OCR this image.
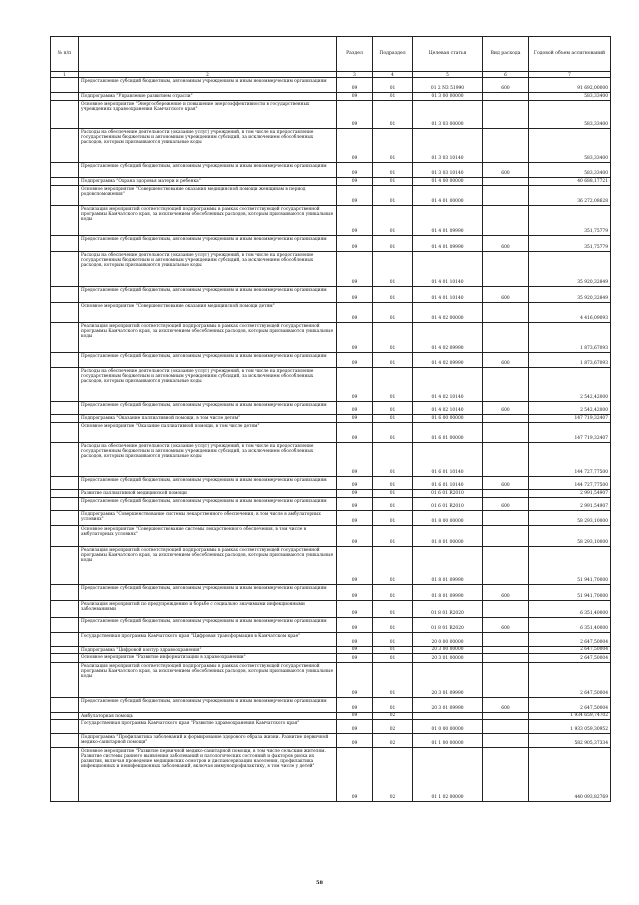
№ п/п		Раздел	Подраздел	Целевая статья	Вид расхода	Годовой объем ассигнований
1	2	3	4	5	6	7
	Предоставление субсидий бюджетным, автономным учреждениям и иным некоммерческим организациям	09	01	01 2 N3 51990	600	91 692,00000
	Подпрограмма "Управление развитием отрасли"	09	01	01 3 00 00000		583,33400
	Основное мероприятие "Энергосбережение и повышение энергоэффективности в государственных учреждениях здравоохранения Камчатского края"	09	01	01 3 03 00000		583,33400
	Расходы на обеспечение деятельности (оказание услуг) учреждений, в том числе на предоставление государственным бюджетным и автономным учреждениям субсидий, за исключением обособленных расходов, которым присваиваются уникальные коды	09	01	01 3 03 10140		583,33400
	Предоставление субсидий бюджетным, автономным учреждениям и иным некоммерческим организациям	09	01	01 3 03 10140	600	583,33400
	Подпрограмма "Охрана здоровья матери и ребенка"	09	01	01 4 00 00000		40 688,17721
	Основное мероприятие "Совершенствование оказания медицинской помощи женщинам в период родовспоможения"	09	01	01 4 01 00000		36 272,08628
	Реализация мероприятий соответствующей подпрограммы в рамках соответствующей государственной программы Камчатского края, за исключением обособленных расходов, которым присваиваются уникальные коды	09	01	01 4 01 09990		351,75779
	Предоставление субсидий бюджетным, автономным учреждениям и иным некоммерческим организациям	09	01	01 4 01 09990	600	351,75779
	Расходы на обеспечение деятельности (оказание услуг) учреждений, в том числе на предоставление государственным бюджетным и автономным учреждениям субсидий, за исключением обособленных расходов, которым присваиваются уникальные коды	09	01	01 4 01 10140		35 920,32849
	Предоставление субсидий бюджетным, автономным учреждениям и иным некоммерческим организациям	09	01	01 4 01 10140	600	35 920,32849
	Основное мероприятие "Совершенствование оказания медицинской помощи детям"	09	01	01 4 02 00000		4 416,09093
	Реализация мероприятий соответствующей подпрограммы в рамках соответствующей государственной программы Камчатского края, за исключением обособленных расходов, которым присваиваются уникальные коды	09	01	01 4 02 09990		1 873,67093
	Предоставление субсидий бюджетным, автономным учреждениям и иным некоммерческим организациям	09	01	01 4 02 09990	600	1 873,67093
	Расходы на обеспечение деятельности (оказание услуг) учреждений, в том числе на предоставление государственным бюджетным и автономным учреждениям субсидий, за исключением обособленных расходов, которым присваиваются уникальные коды	09	01	01 4 02 10140		2 542,42000
	Предоставление субсидий бюджетным, автономным учреждениям и иным некоммерческим организациям	09	01	01 4 02 10140	600	2 542,42000
	Подпрограмма "Оказание паллиативной помощи, в том числе детям"	09	01	01 6 00 00000		147 719,32407
	Основное мероприятие "Оказание паллиативной помощи, в том числе детям"	09	01	01 6 01 00000		147 719,32407
	Расходы на обеспечение деятельности (оказание услуг) учреждений, в том числе на предоставление государственным бюджетным и автономным учреждениям субсидий, за исключением обособленных расходов, которым присваиваются уникальные коды	09	01	01 6 01 10140		144 727,77500
	Предоставление субсидий бюджетным, автономным учреждениям и иным некоммерческим организациям	09	01	01 6 01 10140	600	144 727,77500
	Развитие паллиативной медицинской помощи	09	01	01 6 01 R2010		2 991,54907
	Предоставление субсидий бюджетным, автономным учреждениям и иным некоммерческим организациям	09	01	01 6 01 R2010	600	2 991,54907
	Подпрограмма "Совершенствование системы лекарственного обеспечения, в том числе в амбулаторных условиях"	09	01	01 8 00 00000		58 293,10000
	Основное мероприятие "Совершенствование системы лекарственного обеспечения, в том числе в амбулаторных условиях"	09	01	01 8 01 00000		58 293,10000
	Реализация мероприятий соответствующей подпрограммы в рамках соответствующей государственной программы Камчатского края, за исключением обособленных расходов, которым присваиваются уникальные коды	09	01	01 8 01 09990		51 941,70000
	Предоставление субсидий бюджетным, автономным учреждениям и иным некоммерческим организациям	09	01	01 8 01 09990	600	51 941,70000
	Реализация мероприятий по предупреждению и борьбе с социально значимыми инфекционными заболеваниями	09	01	01 8 01 R2020		6 351,40000
	Предоставление субсидий бюджетным, автономным учреждениям и иным некоммерческим организациям	09	01	01 8 01 R2020	600	6 351,40000
	Государственная программа Камчатского края "Цифровая трансформация в Камчатском крае"	09	01	20 0 00 00000		2 647,50004
	Подпрограмма "Цифровой контур здравоохранения"	09	01	20 3 00 00000		2 647,50004
	Основное мероприятие "Развитие информатизации в здравоохранении"	09	01	20 3 01 00000		2 647,50004
	Реализация мероприятий соответствующей подпрограммы в рамках соответствующей государственной программы Камчатского края, за исключением обособленных расходов, которым присваиваются уникальные коды	09	01	20 3 01 09990		2 647,50004
	Предоставление субсидий бюджетным, автономным учреждениям и иным некоммерческим организациям	09	01	20 3 01 09990	600	2 647,50004
	Амбулаторная помощь	09	02			1 934 659,74702
	Государственная программа Камчатского края "Развитие здравоохранения Камчатского края"	09	02	01 0 00 00000		1 933 059,30952
	Подпрограмма "Профилактика заболеваний и формирование здорового образа жизни. Развитие первичной медико-санитарной помощи"	09	02	01 1 00 00000		582 905,37334
	Основное мероприятие "Развитие первичной медико-санитарной помощи, в том числе сельским жителям. Развитие системы раннего выявления заболеваний и патологических состояний и факторов риска их развития, включая проведение медицинских осмотров и диспансеризации населения, профилактика инфекционных и неинфекционных заболеваний, включая иммунопрофилактику, в том числе у детей"	09	02	01 1 02 00000		440 093,82769
58
